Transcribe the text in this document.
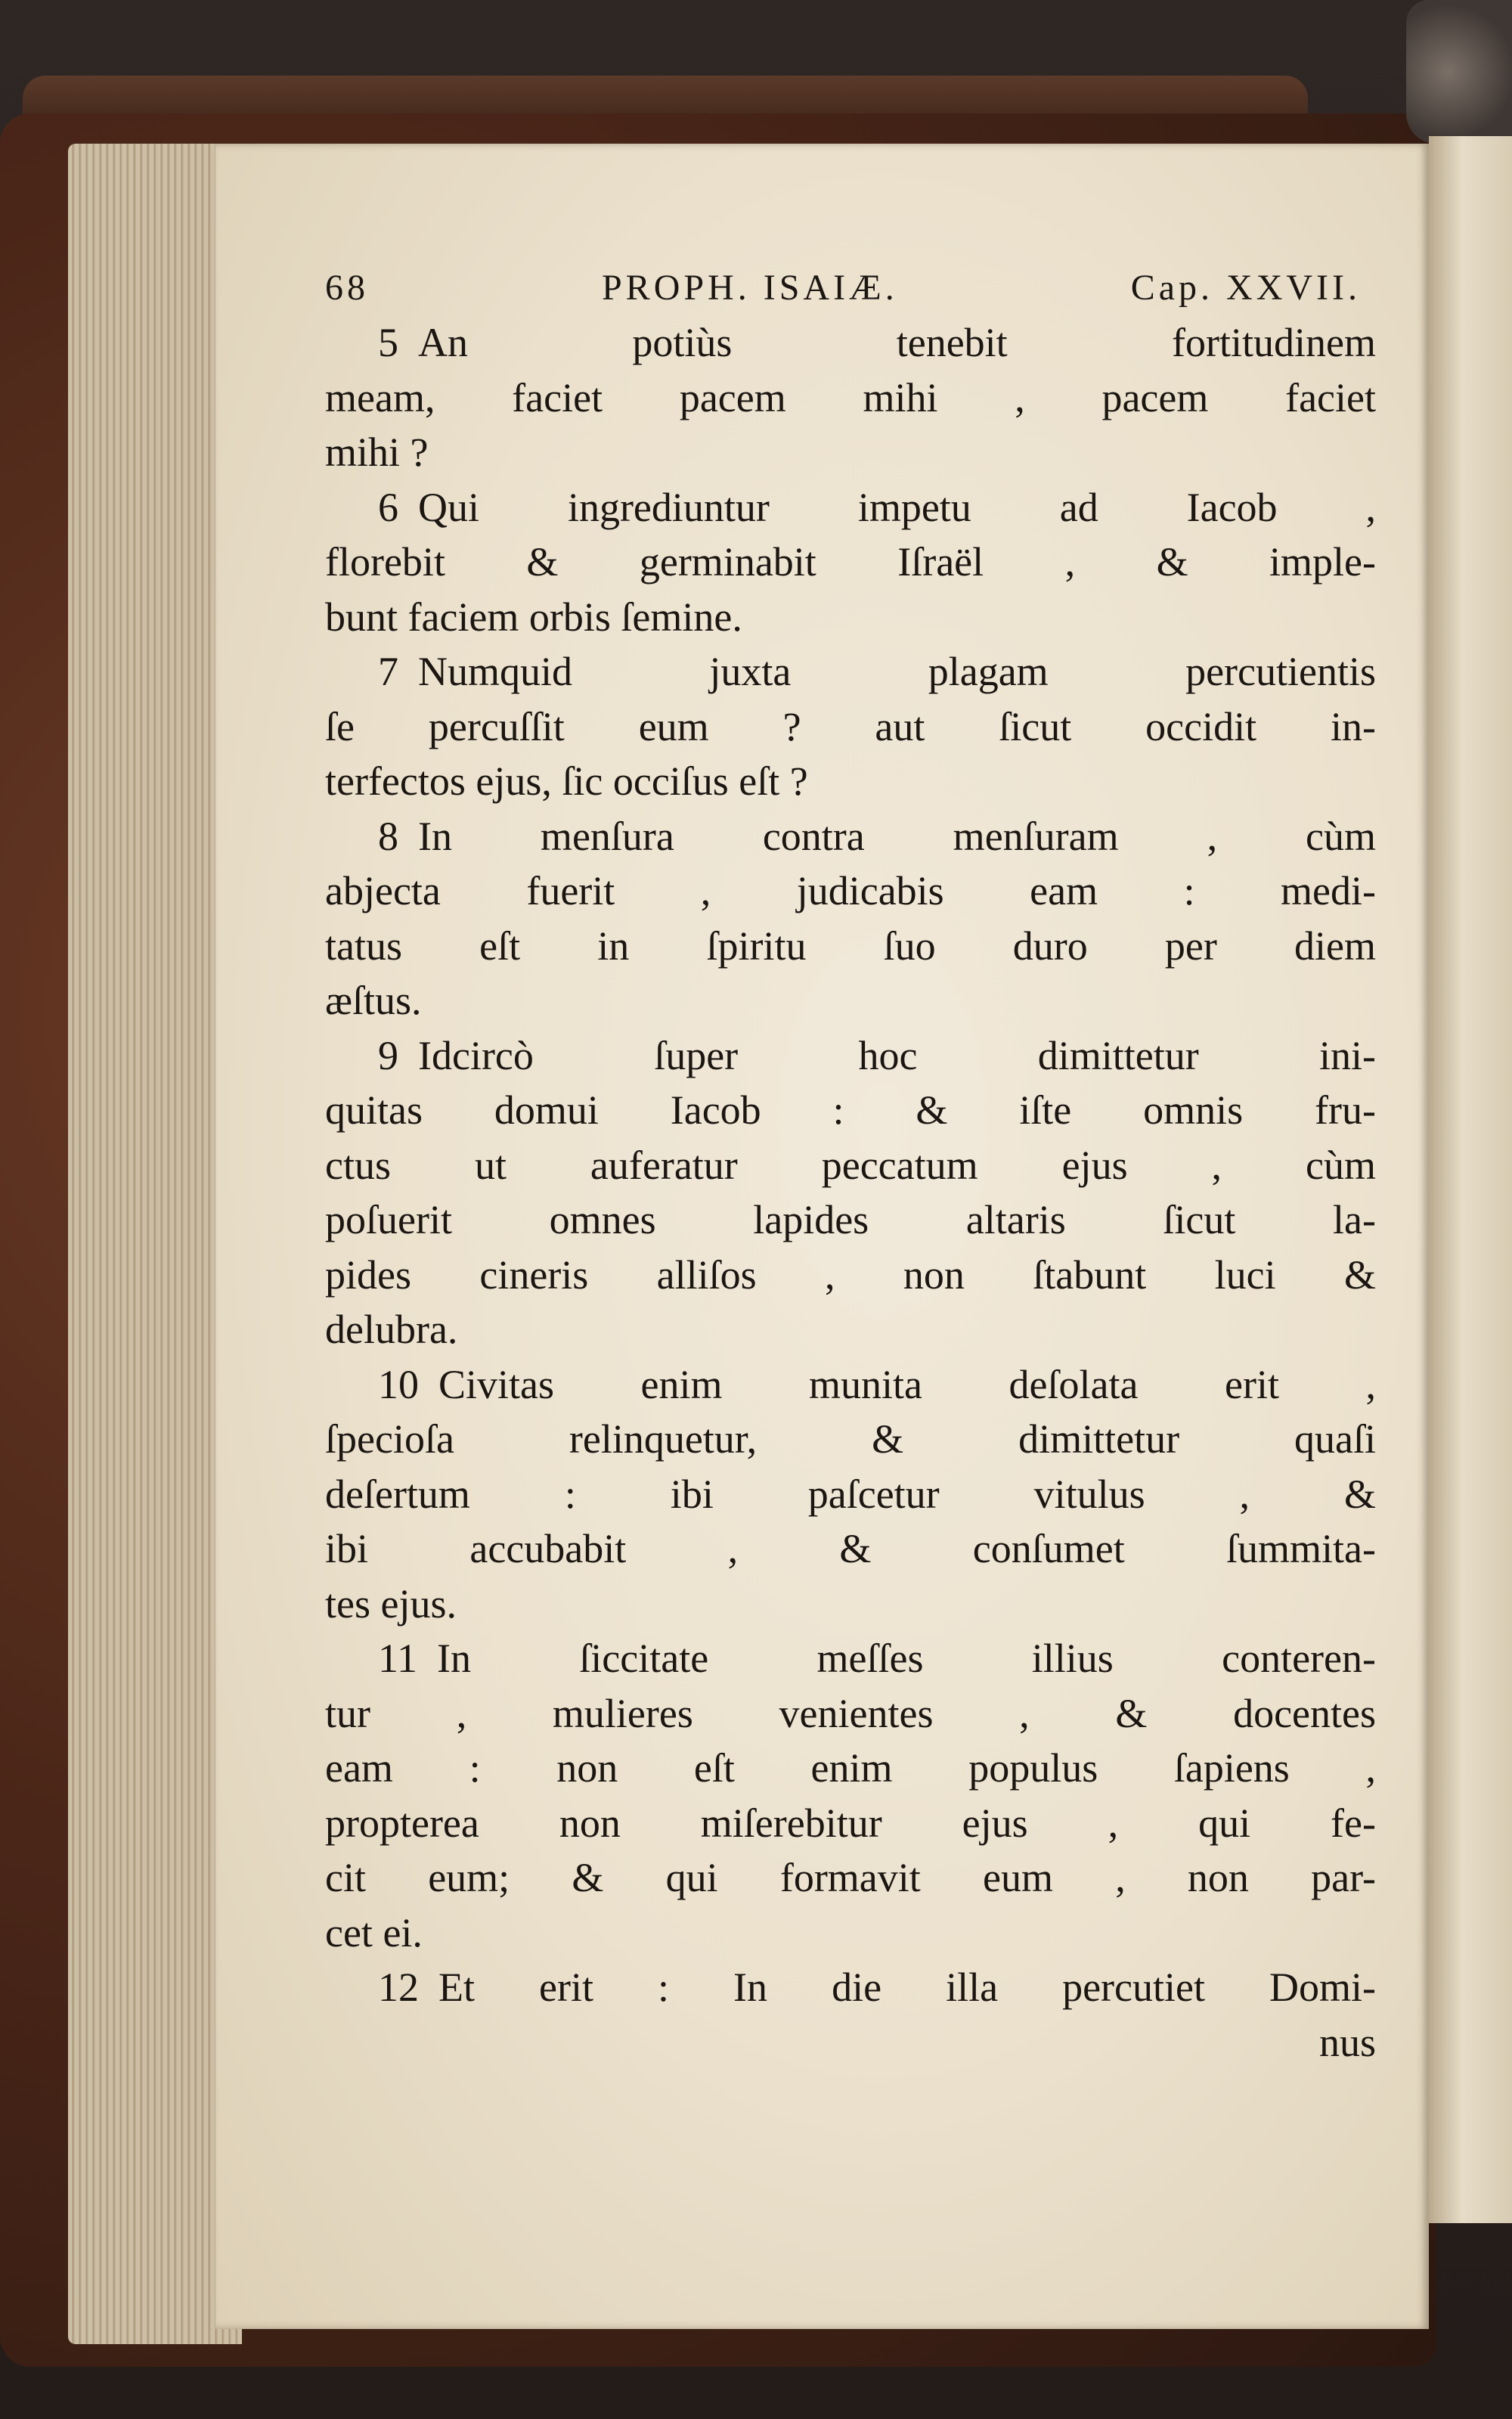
68	PROPH. ISAIÆ.	Cap. XXVII.
5 An potiùs tenebit fortitudinem
meam, faciet pacem mihi , pacem faciet
mihi ?
6 Qui ingrediuntur impetu ad Iacob ,
florebit & germinabit Iſraël , & imple-
bunt faciem orbis ſemine.
7 Numquid juxta plagam percutientis
ſe percuſſit eum ? aut ſicut occidit in-
terfectos ejus, ſic occiſus eſt ?
8 In menſura contra menſuram , cùm
abjecta fuerit , judicabis eam : medi-
tatus eſt in ſpiritu ſuo duro per diem
æſtus.
9 Idcircò ſuper hoc dimittetur ini-
quitas domui Iacob : & iſte omnis fru-
ctus ut auferatur peccatum ejus , cùm
poſuerit omnes lapides altaris ſicut la-
pides cineris alliſos , non ſtabunt luci &
delubra.
10 Civitas enim munita deſolata erit ,
ſpecioſa relinquetur, & dimittetur quaſi
deſertum : ibi paſcetur vitulus , &
ibi accubabit , & conſumet ſummita-
tes ejus.
11 In ſiccitate meſſes illius conteren-
tur , mulieres venientes , & docentes
eam : non eſt enim populus ſapiens ,
propterea non miſerebitur ejus , qui fe-
cit eum; & qui formavit eum , non par-
cet ei.
12 Et erit : In die illa percutiet Domi-
nus
